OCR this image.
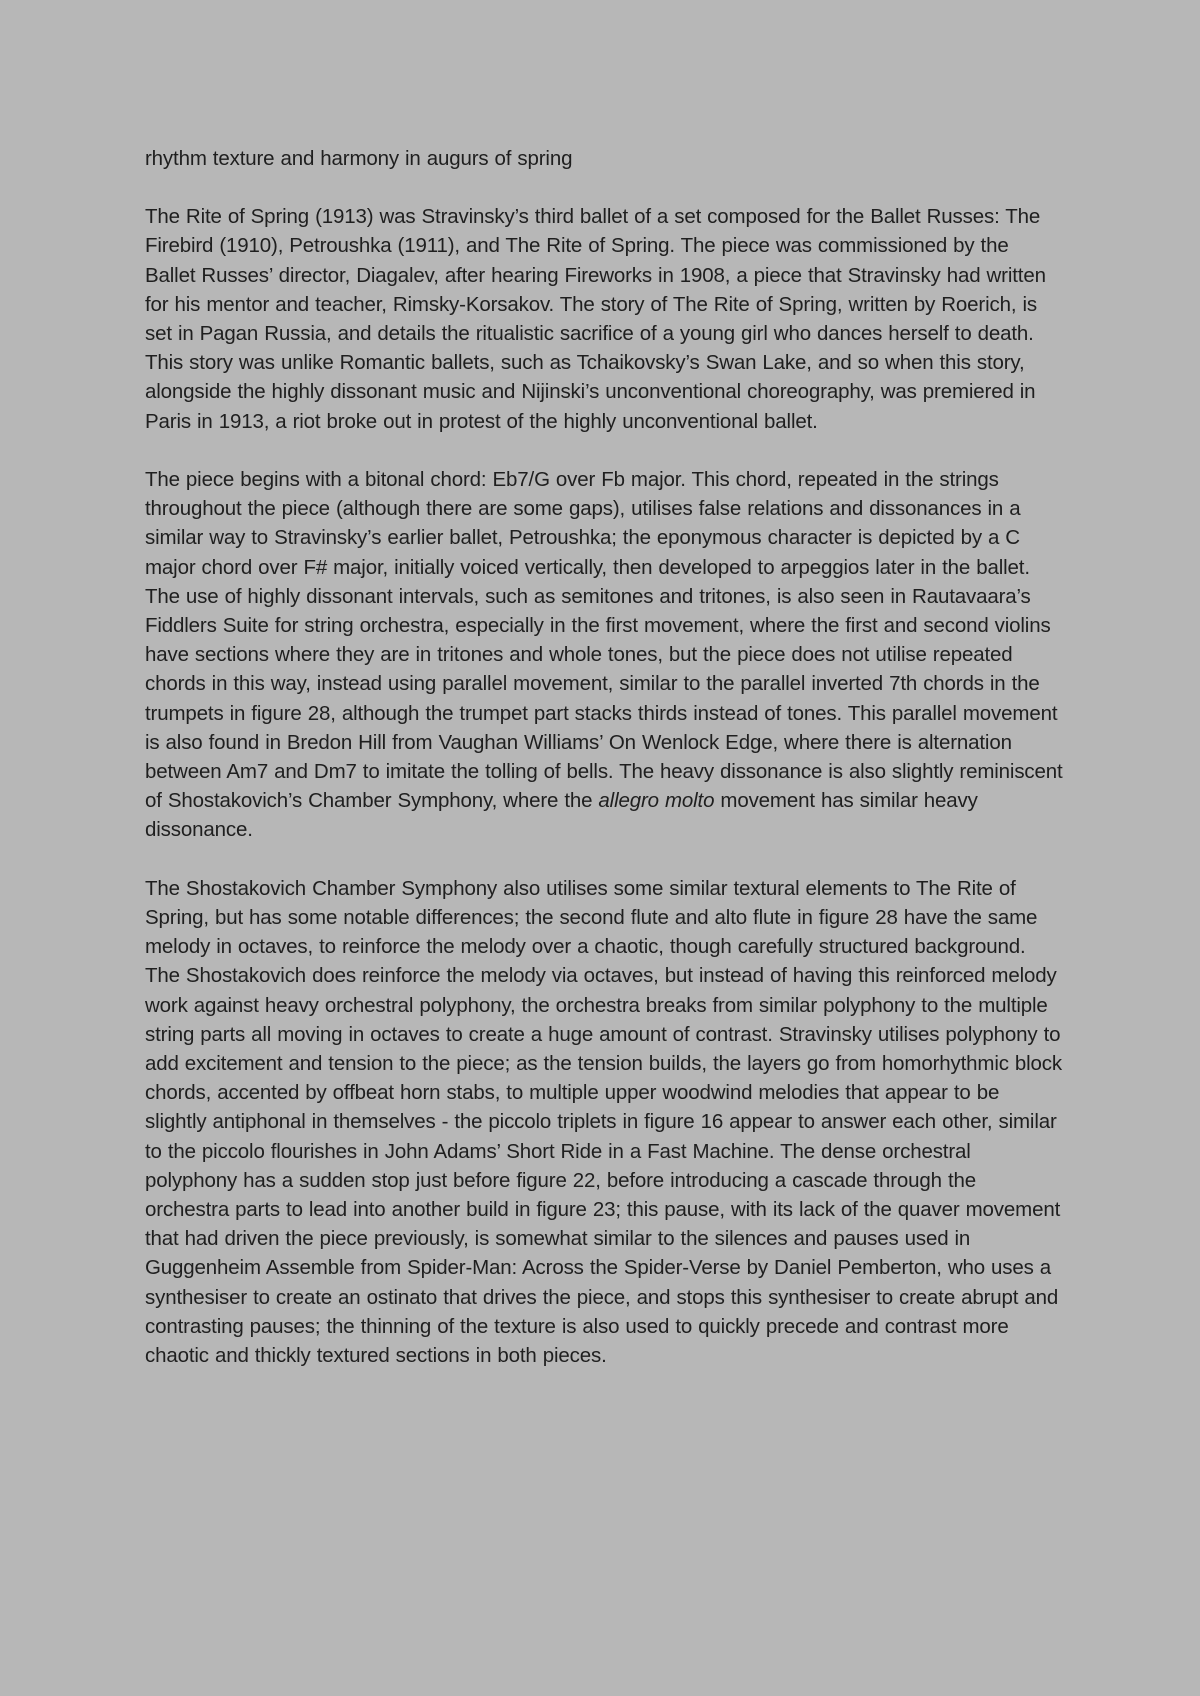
rhythm texture and harmony in augurs of spring

The Rite of Spring (1913) was Stravinsky’s third ballet of a set composed for the Ballet Russes: The Firebird (1910), Petroushka (1911), and The Rite of Spring. The piece was commissioned by the Ballet Russes’ director, Diagalev, after hearing Fireworks in 1908, a piece that Stravinsky had written for his mentor and teacher, Rimsky-Korsakov. The story of The Rite of Spring, written by Roerich, is set in Pagan Russia, and details the ritualistic sacrifice of a young girl who dances herself to death. This story was unlike Romantic ballets, such as Tchaikovsky’s Swan Lake, and so when this story, alongside the highly dissonant music and Nijinski’s unconventional choreography, was premiered in Paris in 1913, a riot broke out in protest of the highly unconventional ballet.

The piece begins with a bitonal chord: Eb7/G over Fb major. This chord, repeated in the strings throughout the piece (although there are some gaps), utilises false relations and dissonances in a similar way to Stravinsky’s earlier ballet, Petroushka; the eponymous character is depicted by a C major chord over F# major, initially voiced vertically, then developed to arpeggios later in the ballet. The use of highly dissonant intervals, such as semitones and tritones, is also seen in Rautavaara’s Fiddlers Suite for string orchestra, especially in the first movement, where the first and second violins have sections where they are in tritones and whole tones, but the piece does not utilise repeated chords in this way, instead using parallel movement, similar to the parallel inverted 7th chords in the trumpets in figure 28, although the trumpet part stacks thirds instead of tones. This parallel movement is also found in Bredon Hill from Vaughan Williams’ On Wenlock Edge, where there is alternation between Am7 and Dm7 to imitate the tolling of bells. The heavy dissonance is also slightly reminiscent of Shostakovich’s Chamber Symphony, where the allegro molto movement has similar heavy dissonance.

The Shostakovich Chamber Symphony also utilises some similar textural elements to The Rite of Spring, but has some notable differences; the second flute and alto flute in figure 28 have the same melody in octaves, to reinforce the melody over a chaotic, though carefully structured background. The Shostakovich does reinforce the melody via octaves, but instead of having this reinforced melody work against heavy orchestral polyphony, the orchestra breaks from similar polyphony to the multiple string parts all moving in octaves to create a huge amount of contrast. Stravinsky utilises polyphony to add excitement and tension to the piece; as the tension builds, the layers go from homorhythmic block chords, accented by offbeat horn stabs, to multiple upper woodwind melodies that appear to be slightly antiphonal in themselves - the piccolo triplets in figure 16 appear to answer each other, similar to the piccolo flourishes in John Adams’ Short Ride in a Fast Machine. The dense orchestral polyphony has a sudden stop just before figure 22, before introducing a cascade through the orchestra parts to lead into another build in figure 23; this pause, with its lack of the quaver movement that had driven the piece previously, is somewhat similar to the silences and pauses used in Guggenheim Assemble from Spider-Man: Across the Spider-Verse by Daniel Pemberton, who uses a synthesiser to create an ostinato that drives the piece, and stops this synthesiser to create abrupt and contrasting pauses; the thinning of the texture is also used to quickly precede and contrast more chaotic and thickly textured sections in both pieces.
